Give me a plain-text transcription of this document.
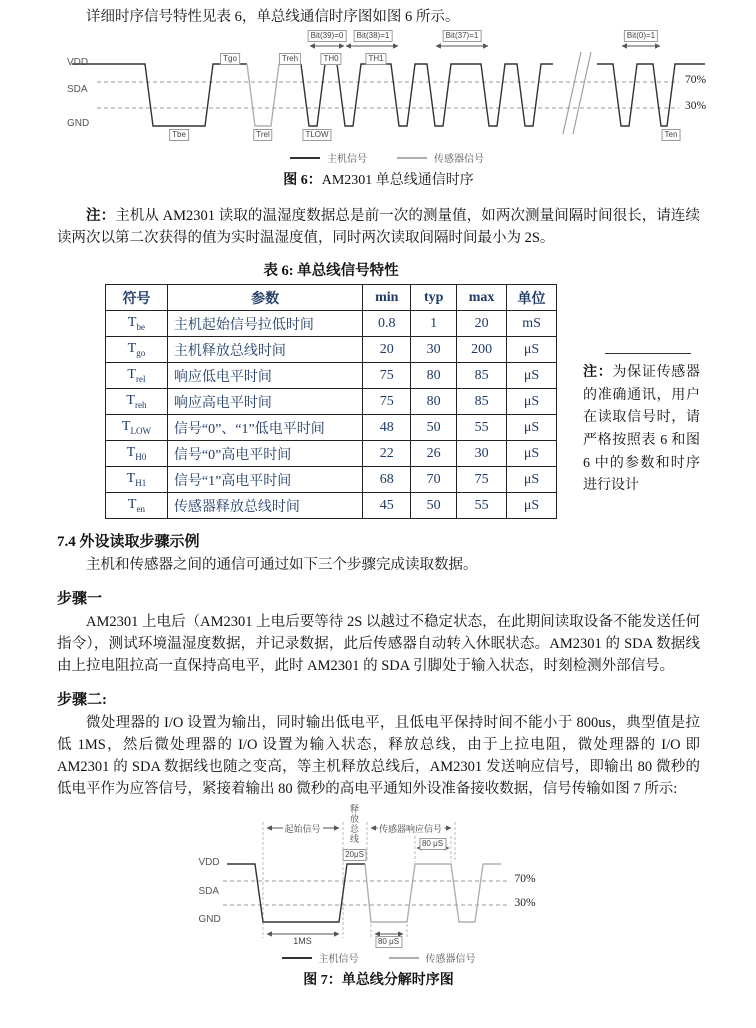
详细时序信号特性见表 6，单总线通信时序图如图 6 所示。

VDD
SDA
GND
70%
30%
Bit(39)=0	Bit(38)=1	Bit(37)=1	Bit(0)=1
Tgo	Treh	TH0	TH1
Tbe	Trel	TLOW	Ten
主机信号	传感器信号

图 6：AM2301 单总线通信时序

注：主机从 AM2301 读取的温湿度数据总是前一次的测量值，如两次测量间隔时间很长，请连续读两次以第二次获得的值为实时温湿度值，同时两次读取间隔时间最小为 2S。

表 6: 单总线信号特性
符号	参数	min	typ	max	单位
$T_{be}$	主机起始信号拉低时间	0.8	1	20	mS
$T_{go}$	主机释放总线时间	20	30	200	μS
$T_{rel}$	响应低电平时间	75	80	85	μS
$T_{reh}$	响应高电平时间	75	80	85	μS
$T_{LOW}$	信号“0”、“1”低电平时间	48	50	55	μS
$T_{H0}$	信号“0”高电平时间	22	26	30	μS
$T_{H1}$	信号“1”高电平时间	68	70	75	μS
$T_{en}$	传感器释放总线时间	45	50	55	μS
注：为保证传感器的准确通讯，用户在读取信号时，请严格按照表 6 和图 6 中的参数和时序进行设计
7.4 外设读取步骤示例

主机和传感器之间的通信可通过如下三个步骤完成读取数据。

步骤一

AM2301 上电后（AM2301 上电后要等待 2S 以越过不稳定状态，在此期间读取设备不能发送任何指令），测试环境温湿度数据，并记录数据，此后传感器自动转入休眠状态。AM2301 的 SDA 数据线由上拉电阻拉高一直保持高电平，此时 AM2301 的 SDA 引脚处于输入状态，时刻检测外部信号。

步骤二:

微处理器的 I/O 设置为输出，同时输出低电平，且低电平保持时间不能小于 800us，典型值是拉低 1MS，然后微处理器的 I/O 设置为输入状态，释放总线，由于上拉电阻，微处理器的 I/O 即 AM2301 的 SDA 数据线也随之变高，等主机释放总线后，AM2301 发送响应信号，即输出 80 微秒的低电平作为应答信号，紧接着输出 80 微秒的高电平通知外设准备接收数据，信号传输如图 7 所示:

VDD
SDA
GND
70%
30%
起始信号	释放总线
20μS
传感器响应信号
80 μS
1MS	80 μS
主机信号	传感器信号

图 7：单总线分解时序图
